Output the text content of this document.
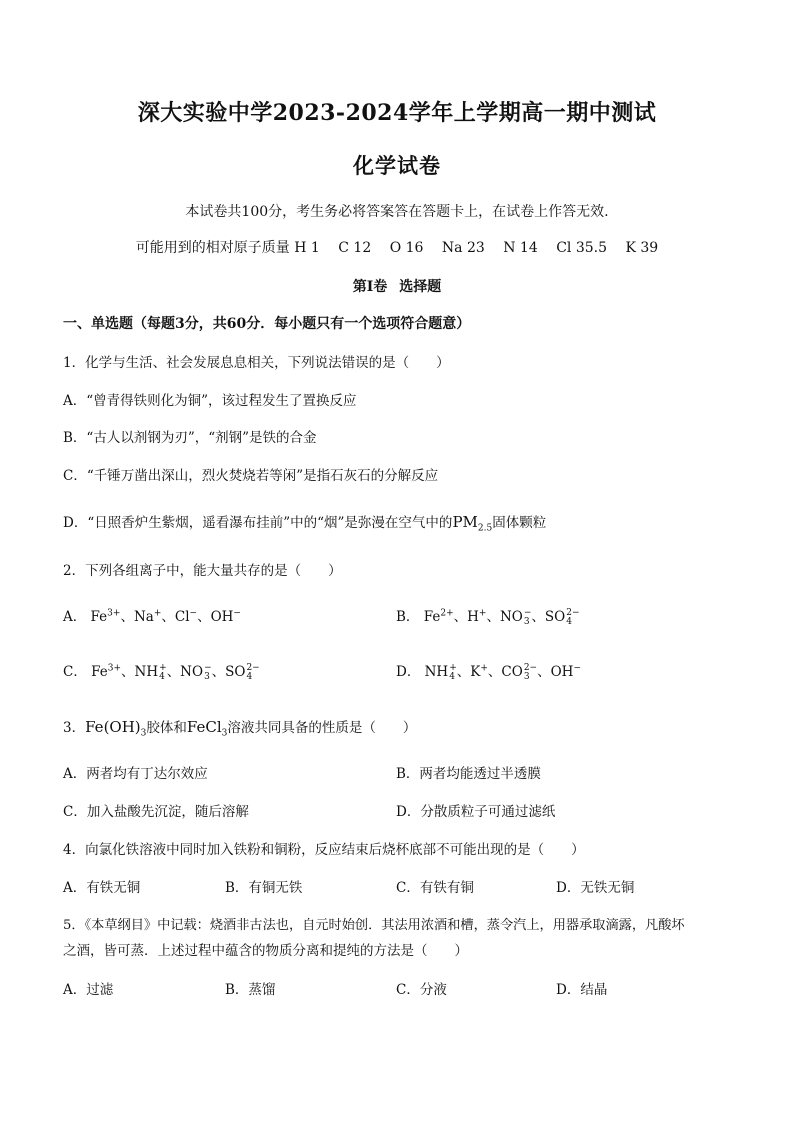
深大实验中学2023-2024学年上学期高一期中测试
化学试卷
本试卷共100分，考生务必将答案答在答题卡上，在试卷上作答无效.
可能用到的相对原子质量 H 1 C 12 O 16 Na 23 N 14 Cl 35.5 K 39
第Ⅰ卷 选择题
一、单选题（每题3分，共60分．每小题只有一个选项符合题意）
1．化学与生活、社会发展息息相关，下列说法错误的是（　　）
A．“曾青得铁则化为铜”，该过程发生了置换反应
B．“古人以剂钢为刃”，“剂钢”是铁的合金
C．“千锤万凿出深山，烈火焚烧若等闲”是指石灰石的分解反应
D．“日照香炉生紫烟，遥看瀑布挂前”中的“烟”是弥漫在空气中的$PM_{2.5}$固体颗粒
2．下列各组离子中，能大量共存的是（　　）
A． $Fe^{3+}$、Na+、Cl−、OH−	B． $Fe^{2+}$、H+、NO −
3 、SO 2−
4
C． $Fe^{3+}$、NH +
4 、NO −
3 、SO 2−
4	D． NH +
4 、K+、CO 2−
3 、OH−
3．$Fe(OH)_3$胶体和FeCl$_3$溶液共同具备的性质是（　　）
A．两者均有丁达尔效应	B．两者均能透过半透膜
C．加入盐酸先沉淀，随后溶解	D．分散质粒子可通过滤纸
4．向氯化铁溶液中同时加入铁粉和铜粉，反应结束后烧杯底部不可能出现的是（　　）
A．有铁无铜	B．有铜无铁	C．有铁有铜	D．无铁无铜
5．《本草纲目》中记载：烧酒非古法也，自元时始创．其法用浓酒和槽，蒸令汽上，用器承取滴露，凡酸坏
之酒，皆可蒸．上述过程中蕴含的物质分离和提纯的方法是（　　）
A．过滤	B．蒸馏	C．分液	D．结晶
